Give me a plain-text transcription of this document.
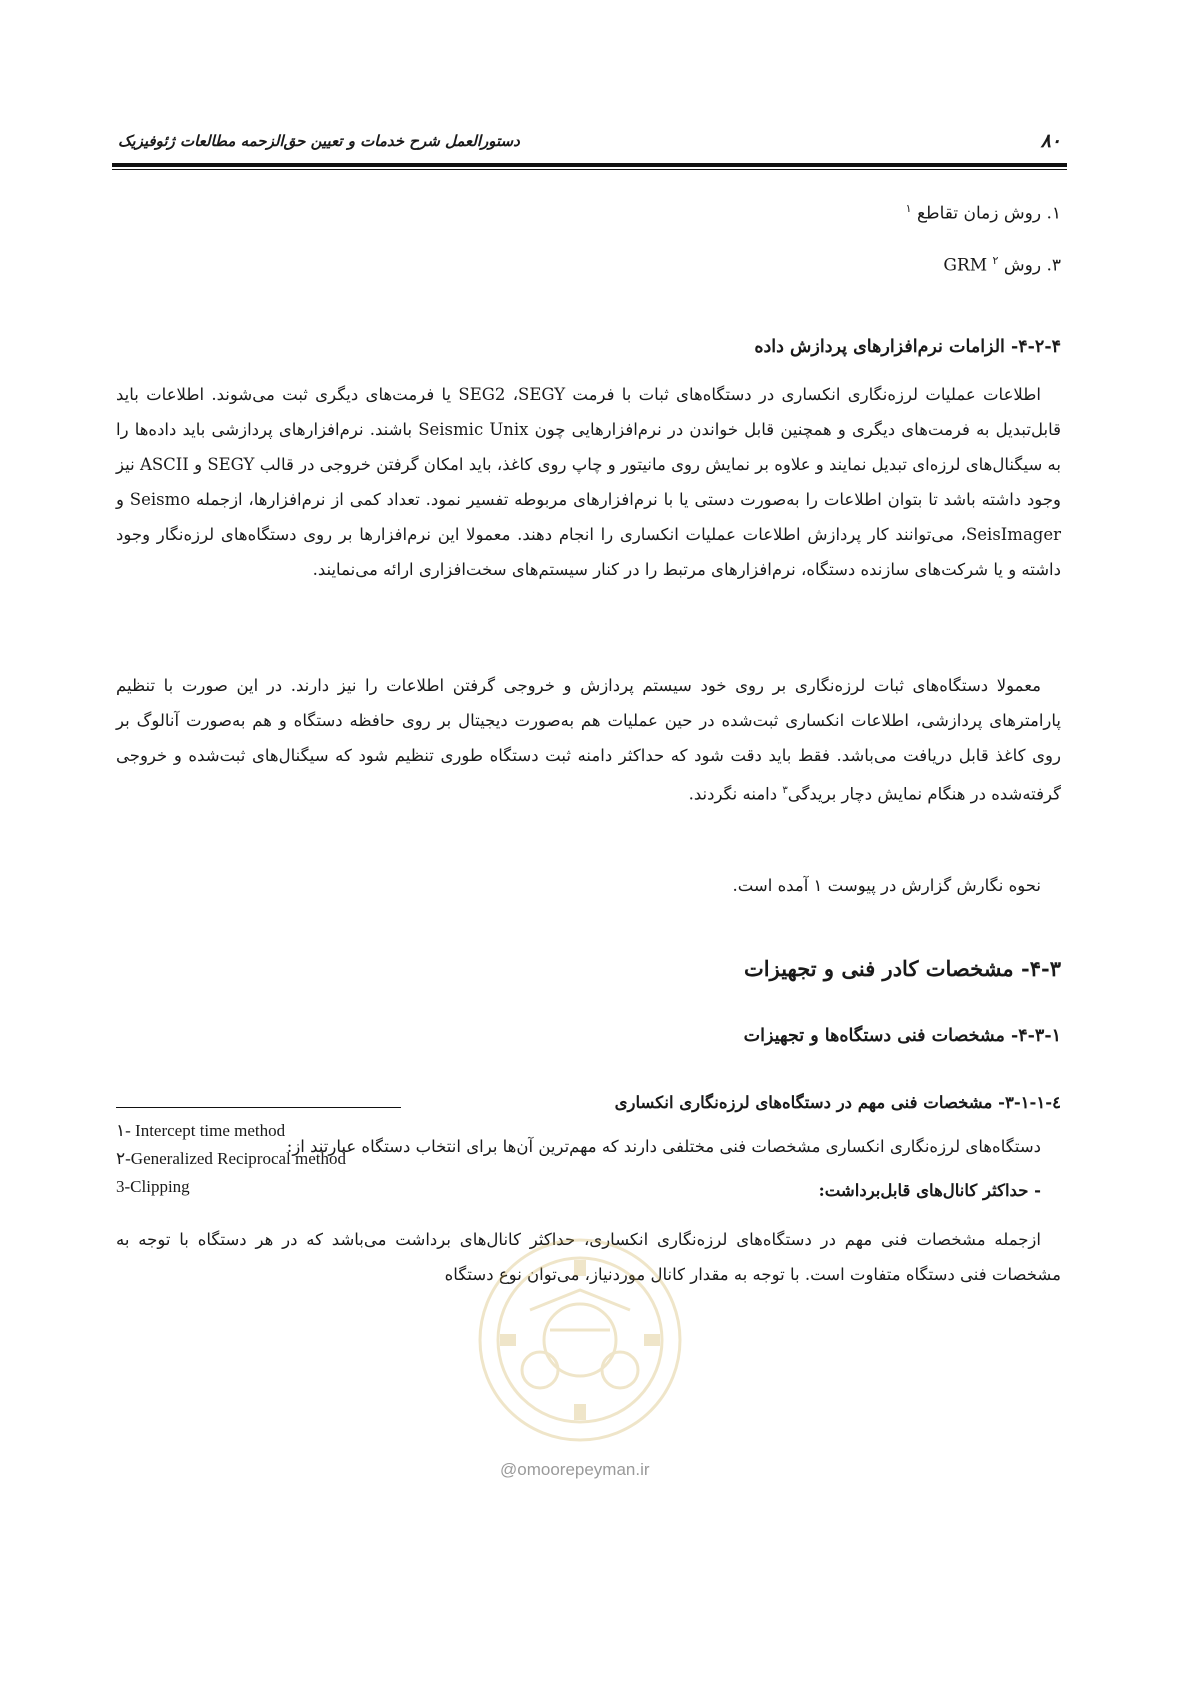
۸۰
دستورالعمل شرح خدمات و تعیین حق‌الزحمه مطالعات ژئوفیزیک
۱. روش زمان تقاطع $^۱$
۳. روش GRM $^۲$
۴-۲-۴- الزامات نرم‌افزارهای پردازش داده
اطلاعات عملیات لرزه‌نگاری انکساری در دستگاه‌های ثبات با فرمت SEG2 ،SEGY یا فرمت‌های دیگری ثبت می‌شوند. اطلاعات باید قابل‌تبدیل به فرمت‌های دیگری و همچنین قابل خواندن در نرم‌افزارهایی چون Seismic Unix باشند. نرم‌افزارهای پردازشی باید داده‌ها را به سیگنال‌های لرزه‌ای تبدیل نمایند و علاوه بر نمایش روی مانیتور و چاپ روی کاغذ، باید امکان گرفتن خروجی در قالب SEGY و ASCII نیز وجود داشته باشد تا بتوان اطلاعات را به‌صورت دستی یا با نرم‌افزارهای مربوطه تفسیر نمود. تعداد کمی از نرم‌افزارها، ازجمله Seismo و SeisImager، می‌توانند کار پردازش اطلاعات عملیات انکساری را انجام دهند. معمولا این نرم‌افزارها بر روی دستگاه‌های لرزه‌نگار وجود داشته و یا شرکت‌های سازنده دستگاه، نرم‌افزارهای مرتبط را در کنار سیستم‌های سخت‌افزاری ارائه می‌نمایند.
معمولا دستگاه‌های ثبات لرزه‌نگاری بر روی خود سیستم پردازش و خروجی گرفتن اطلاعات را نیز دارند. در این صورت با تنظیم پارامترهای پردازشی، اطلاعات انکساری ثبت‌شده در حین عملیات هم به‌صورت دیجیتال بر روی حافظه دستگاه و هم به‌صورت آنالوگ بر روی کاغذ قابل دریافت می‌باشد. فقط باید دقت شود که حداکثر دامنه ثبت دستگاه طوری تنظیم شود که سیگنال‌های ثبت‌شده و خروجی گرفته‌شده در هنگام نمایش دچار بریدگی$^۳$ دامنه نگردند.
نحوه نگارش گزارش در پیوست ۱ آمده است.
۴-۳- مشخصات کادر فنی و تجهیزات
۴-۳-۱- مشخصات فنی دستگاه‌ها و تجهیزات
٤-۳-۱-۱- مشخصات فنی مهم در دستگاه‌های لرزه‌نگاری انکساری
دستگاه‌های لرزه‌نگاری انکساری مشخصات فنی مختلفی دارند که مهم‌ترین آن‌ها برای انتخاب دستگاه عبارتند از:
- حداکثر کانال‌های قابل‌برداشت:
ازجمله مشخصات فنی مهم در دستگاه‌های لرزه‌نگاری انکساری، حداکثر کانال‌های برداشت می‌باشد که در هر دستگاه با توجه به مشخصات فنی دستگاه متفاوت است. با توجه به مقدار کانال موردنیاز، می‌توان نوع دستگاه
۱- Intercept time method
۲-Generalized Reciprocal method
3-Clipping
@omoorepeyman.ir
